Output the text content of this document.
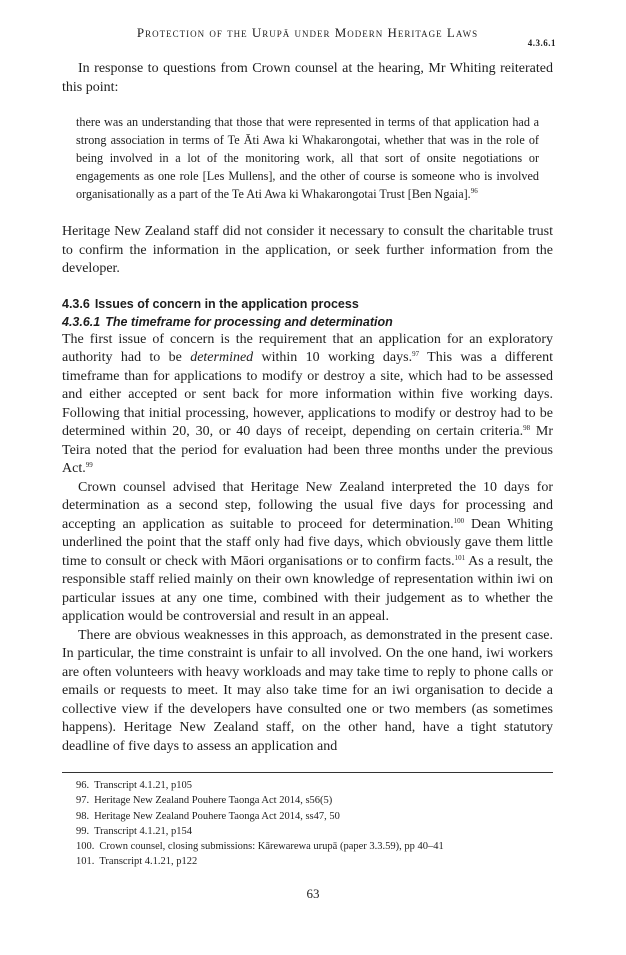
Protection of the Urupā under Modern Heritage Laws
4.3.6.1

In response to questions from Crown counsel at the hearing, Mr Whiting reiterated this point:

there was an understanding that those that were represented in terms of that application had a strong association in terms of Te Āti Awa ki Whakarongotai, whether that was in the role of being involved in a lot of the monitoring work, all that sort of onsite negotiations or engagements as one role [Les Mullens], and the other of course is someone who is involved organisationally as a part of the Te Ati Awa ki Whakarongotai Trust [Ben Ngaia].$^{96}$

Heritage New Zealand staff did not consider it necessary to consult the charitable trust to confirm the information in the application, or seek further information from the developer.

4.3.6 Issues of concern in the application process
4.3.6.1 The timeframe for processing and determination

The first issue of concern is the requirement that an application for an exploratory authority had to be determined within 10 working days.$^{97}$ This was a different timeframe than for applications to modify or destroy a site, which had to be assessed and either accepted or sent back for more information within five working days. Following that initial processing, however, applications to modify or destroy had to be determined within 20, 30, or 40 days of receipt, depending on certain criteria.$^{98}$ Mr Teira noted that the period for evaluation had been three months under the previous Act.$^{99}$

Crown counsel advised that Heritage New Zealand interpreted the 10 days for determination as a second step, following the usual five days for processing and accepting an application as suitable to proceed for determination.$^{100}$ Dean Whiting underlined the point that the staff only had five days, which obviously gave them little time to consult or check with Māori organisations or to confirm facts.$^{101}$ As a result, the responsible staff relied mainly on their own knowledge of representation within iwi on particular issues at any one time, combined with their judgement as to whether the application would be controversial and result in an appeal.

There are obvious weaknesses in this approach, as demonstrated in the present case. In particular, the time constraint is unfair to all involved. On the one hand, iwi workers are often volunteers with heavy workloads and may take time to reply to phone calls or emails or requests to meet. It may also take time for an iwi organisation to decide a collective view if the developers have consulted one or two members (as sometimes happens). Heritage New Zealand staff, on the other hand, have a tight statutory deadline of five days to assess an application and

96. Transcript 4.1.21, p105
97. Heritage New Zealand Pouhere Taonga Act 2014, s56(5)
98. Heritage New Zealand Pouhere Taonga Act 2014, ss47, 50
99. Transcript 4.1.21, p154
100. Crown counsel, closing submissions: Kārewarewa urupā (paper 3.3.59), pp 40–41
101. Transcript 4.1.21, p122
63
